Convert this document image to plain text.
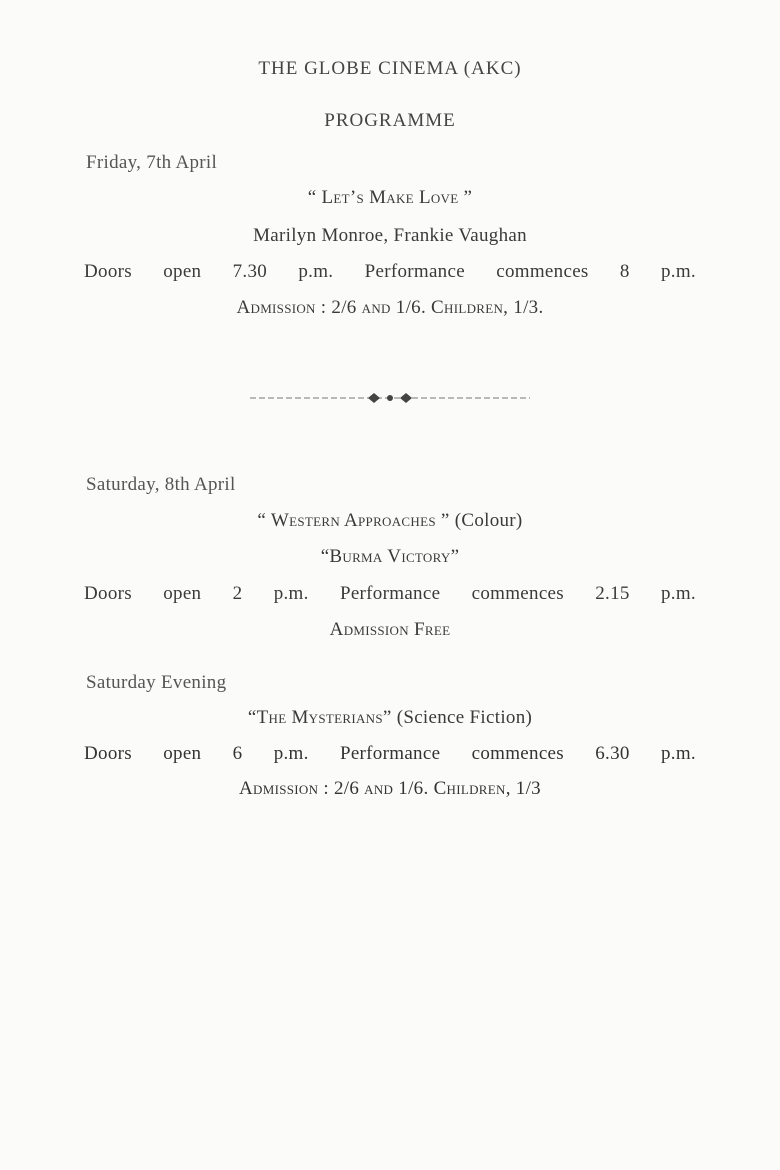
THE GLOBE CINEMA (AKC)
PROGRAMME
Friday, 7th April
“ Let’s Make Love ”
Marilyn Monroe, Frankie Vaughan
Doors open 7.30 p.m. Performance commences 8 p.m.
Admission : 2/6 and 1/6. Children, 1/3.
Saturday, 8th April
“ Western Approaches ” (Colour)
“Burma Victory”
Doors open 2 p.m. Performance commences 2.15 p.m.
Admission Free
Saturday Evening
“The Mysterians” (Science Fiction)
Doors open 6 p.m. Performance commences 6.30 p.m.
Admission : 2/6 and 1/6. Children, 1/3
